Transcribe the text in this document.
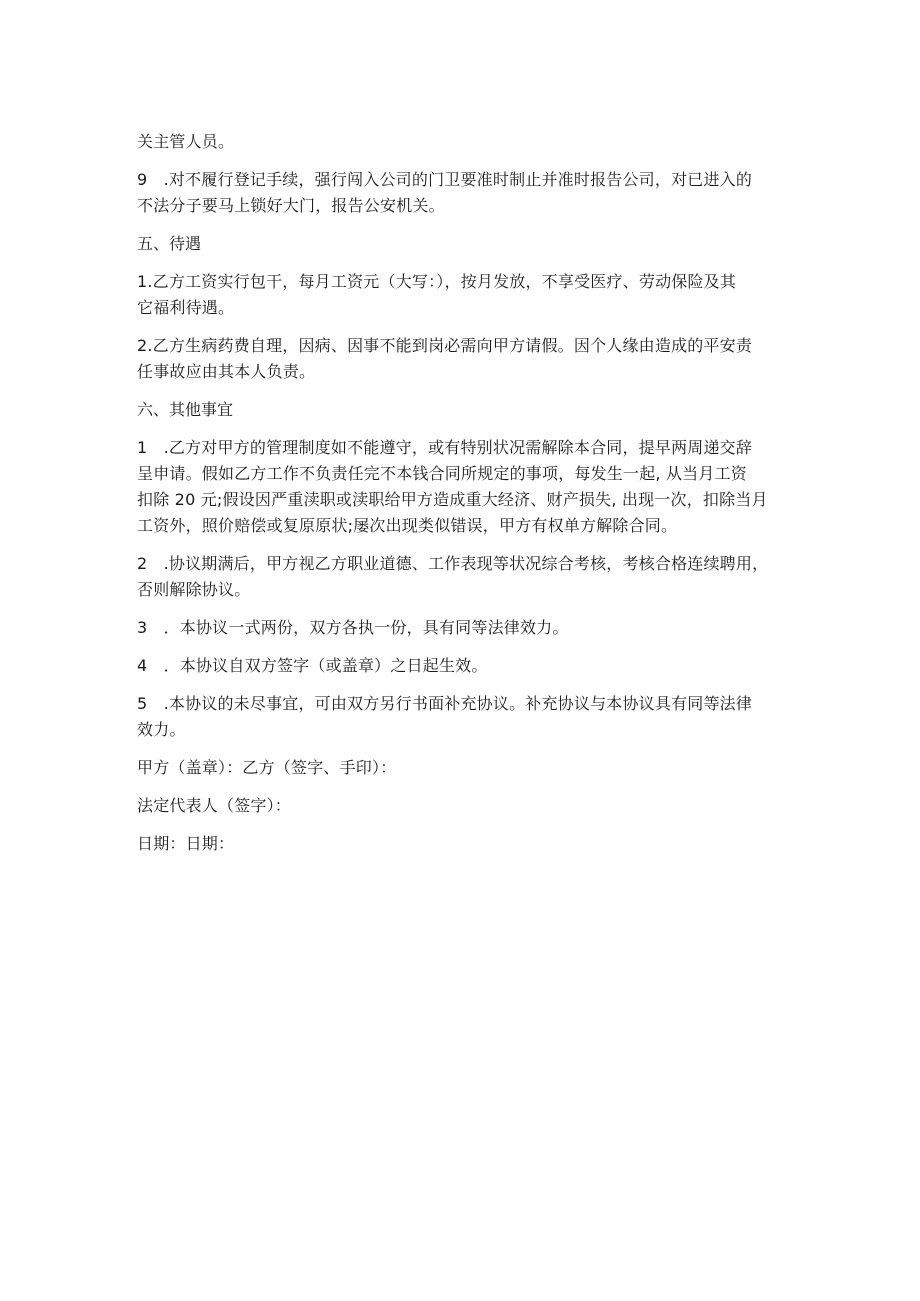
关主管人员。
9　.对不履行登记手续，强行闯入公司的门卫要准时制止并准时报告公司，对已进入的
不法分子要马上锁好大门，报告公安机关。
五、待遇
1.乙方工资实行包干，每月工资元（大写：），按月发放，不享受医疗、劳动保险及其
它福利待遇。
2.乙方生病药费自理，因病、因事不能到岗必需向甲方请假。因个人缘由造成的平安责
任事故应由其本人负责。
六、其他事宜
1　.乙方对甲方的管理制度如不能遵守，或有特别状况需解除本合同，提早两周递交辞
呈申请。假如乙方工作不负责任完不本钱合同所规定的事项，每发生一起, 从当月工资
扣除 20 元;假设因严重渎职或渎职给甲方造成重大经济、财产损失, 出现一次，扣除当月
工资外，照价赔偿或复原原状;屡次出现类似错误，甲方有权单方解除合同。
2　.协议期满后，甲方视乙方职业道德、工作表现等状况综合考核，考核合格连续聘用，
否则解除协议。
3　．本协议一式两份，双方各执一份，具有同等法律效力。
4　．本协议自双方签字（或盖章）之日起生效。
5　.本协议的未尽事宜，可由双方另行书面补充协议。补充协议与本协议具有同等法律
效力。
甲方（盖章）：乙方（签字、手印）：
法定代表人（签字）：
日期：日期：
